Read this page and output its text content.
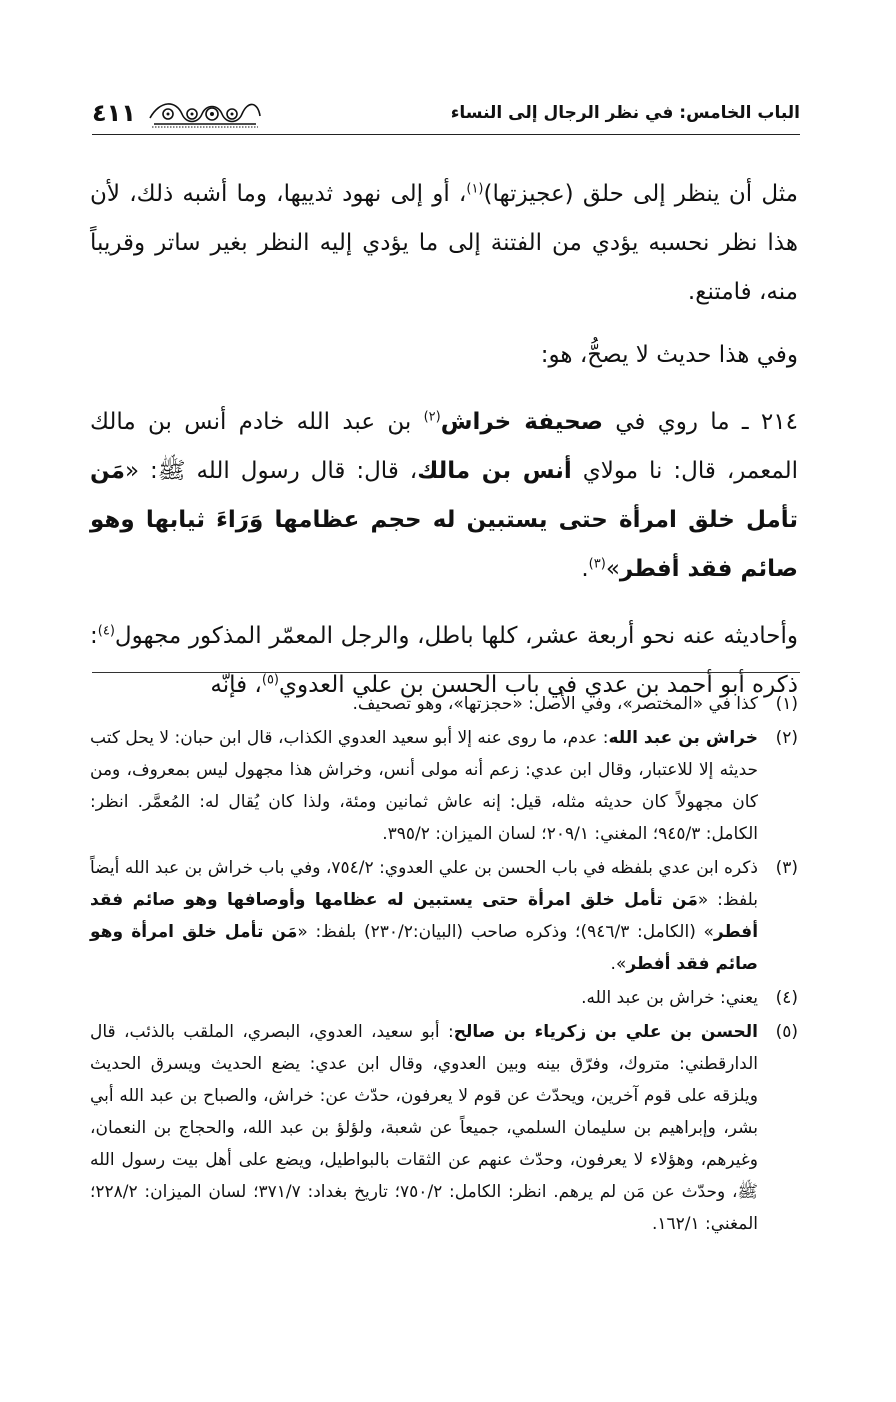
الباب الخامس: في نظر الرجال إلى النساء
٤١١

مثل أن ينظر إلى حلق (عجيزتها)$^{(١)}$، أو إلى نهود ثدييها، وما أشبه ذلك، لأن هذا نظر نحسبه يؤدي من الفتنة إلى ما يؤدي إليه النظر بغير ساتر وقريباً منه، فامتنع.

وفي هذا حديث لا يصحُّ، هو:

٢١٤ ـ ما روي في صحيفة خراش$^{(٢)}$ بن عبد الله خادم أنس بن مالك المعمر، قال: نا مولاي أنس بن مالك، قال: قال رسول الله ﷺ: «مَن تأمل خلق امرأة حتى يستبين له حجم عظامها وَرَاءَ ثيابها وهو صائم فقد أفطر»$^{(٣)}$.

وأحاديثه عنه نحو أربعة عشر، كلها باطل، والرجل المعمّر المذكور مجهول$^{(٤)}$: ذكره أبو أحمد بن عدي في باب الحسن بن علي العدوي$^{(٥)}$، فإنّه

(١)
كذا في «المختصر»، وفي الأصل: «حجزتها»، وهو تصحيف.
(٢)
خراش بن عبد الله: عدم، ما روى عنه إلا أبو سعيد العدوي الكذاب، قال ابن حبان: لا يحل كتب حديثه إلا للاعتبار، وقال ابن عدي: زعم أنه مولى أنس، وخراش هذا مجهول ليس بمعروف، ومن كان مجهولاً كان حديثه مثله، قيل: إنه عاش ثمانين ومئة، ولذا كان يُقال له: المُعمَّر. انظر: الكامل: ٩٤٥/٣؛ المغني: ٢٠٩/١؛ لسان الميزان: ٣٩٥/٢.
(٣)
ذكره ابن عدي بلفظه في باب الحسن بن علي العدوي: ٧٥٤/٢، وفي باب خراش بن عبد الله أيضاً بلفظ: «مَن تأمل خلق امرأة حتى يستبين له عظامها وأوصافها وهو صائم فقد أفطر» (الكامل: ٩٤٦/٣)؛ وذكره صاحب (البيان:٢٣٠/٢) بلفظ: «مَن تأمل خلق امرأة وهو صائم فقد أفطر».
(٤)
يعني: خراش بن عبد الله.
(٥)
الحسن بن علي بن زكرياء بن صالح: أبو سعيد، العدوي، البصري، الملقب بالذئب، قال الدارقطني: متروك، وفرّق بينه وبين العدوي، وقال ابن عدي: يضع الحديث ويسرق الحديث ويلزقه على قوم آخرين، ويحدّث عن قوم لا يعرفون، حدّث عن: خراش، والصباح بن عبد الله أبي بشر، وإبراهيم بن سليمان السلمي، جميعاً عن شعبة، ولؤلؤ بن عبد الله، والحجاج بن النعمان، وغيرهم، وهؤلاء لا يعرفون، وحدّث عنهم عن الثقات بالبواطيل، ويضع على أهل بيت رسول الله ﷺ، وحدّث عن مَن لم يرهم. انظر: الكامل: ٧٥٠/٢؛ تاريخ بغداد: ٣٧١/٧؛ لسان الميزان: ٢٢٨/٢؛ المغني: ١٦٢/١.
